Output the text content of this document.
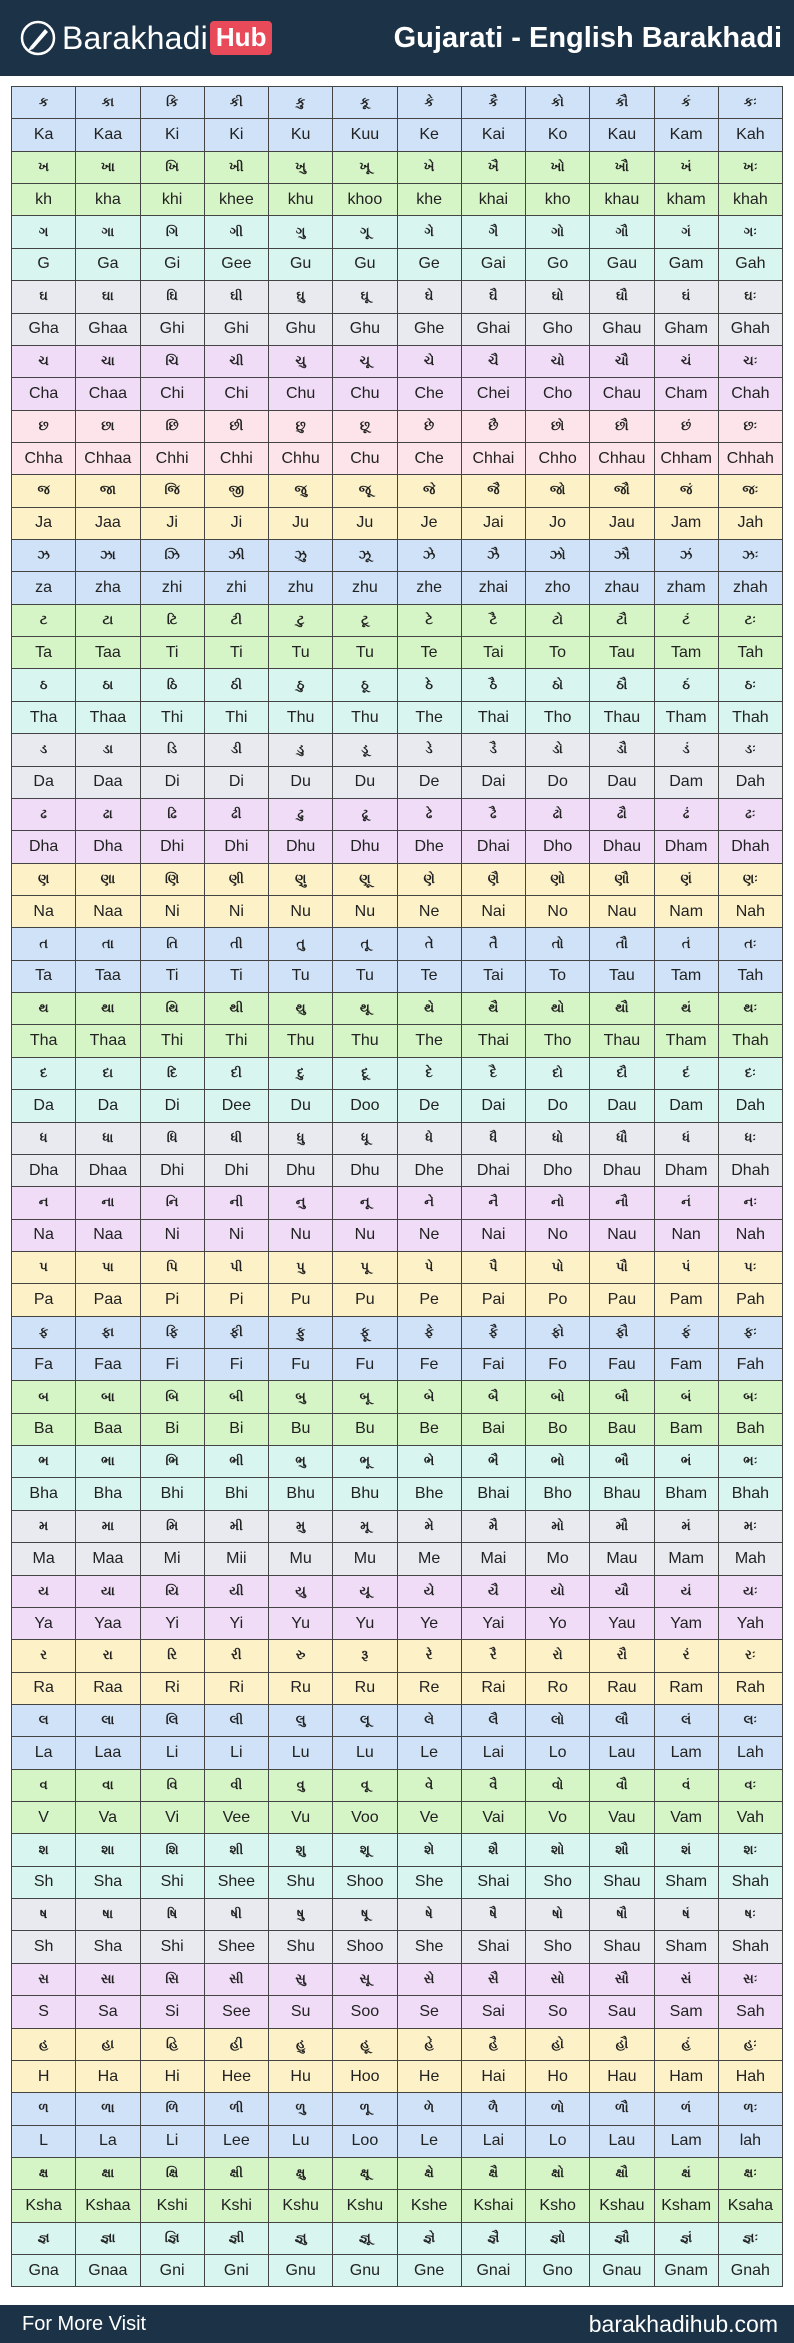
Barakhadi Hub	Gujarati - English Barakhadi
ક	કા	કિ	કી	કુ	કૂ	કે	કૈ	કો	કૌ	કં	કઃ
Ka	Kaa	Ki	Ki	Ku	Kuu	Ke	Kai	Ko	Kau	Kam	Kah
ખ	ખા	ખિ	ખી	ખુ	ખૂ	ખે	ખૈ	ખો	ખૌ	ખં	ખઃ
kh	kha	khi	khee	khu	khoo	khe	khai	kho	khau	kham	khah
ગ	ગા	ગિ	ગી	ગુ	ગૂ	ગે	ગૈ	ગો	ગૌ	ગં	ગઃ
G	Ga	Gi	Gee	Gu	Gu	Ge	Gai	Go	Gau	Gam	Gah
ઘ	ઘા	ઘિ	ઘી	ઘુ	ઘૂ	ઘે	ઘૈ	ઘો	ઘૌ	ઘં	ઘઃ
Gha	Ghaa	Ghi	Ghi	Ghu	Ghu	Ghe	Ghai	Gho	Ghau	Gham	Ghah
ચ	ચા	ચિ	ચી	ચુ	ચૂ	ચે	ચૈ	ચો	ચૌ	ચં	ચઃ
Cha	Chaa	Chi	Chi	Chu	Chu	Che	Chei	Cho	Chau	Cham	Chah
છ	છા	છિ	છી	છુ	છૂ	છે	છૈ	છો	છૌ	છં	છઃ
Chha	Chhaa	Chhi	Chhi	Chhu	Chu	Che	Chhai	Chho	Chhau	Chham	Chhah
જ	જા	જિ	જી	જુ	જૂ	જે	જૈ	જો	જૌ	જં	જઃ
Ja	Jaa	Ji	Ji	Ju	Ju	Je	Jai	Jo	Jau	Jam	Jah
ઝ	ઝા	ઝિ	ઝી	ઝુ	ઝૂ	ઝે	ઝૈ	ઝો	ઝૌ	ઝં	ઝઃ
za	zha	zhi	zhi	zhu	zhu	zhe	zhai	zho	zhau	zham	zhah
ટ	ટા	ટિ	ટી	ટુ	ટૂ	ટે	ટૈ	ટો	ટૌ	ટં	ટઃ
Ta	Taa	Ti	Ti	Tu	Tu	Te	Tai	To	Tau	Tam	Tah
ઠ	ઠા	ઠિ	ઠી	ઠુ	ઠૂ	ઠે	ઠૈ	ઠો	ઠૌ	ઠં	ઠઃ
Tha	Thaa	Thi	Thi	Thu	Thu	The	Thai	Tho	Thau	Tham	Thah
ડ	ડા	ડિ	ડી	ડુ	ડૂ	ડે	ડૈ	ડો	ડૌ	ડં	ડઃ
Da	Daa	Di	Di	Du	Du	De	Dai	Do	Dau	Dam	Dah
ઢ	ઢા	ઢિ	ઢી	ઢુ	ઢૂ	ઢે	ઢૈ	ઢો	ઢૌ	ઢં	ઢઃ
Dha	Dha	Dhi	Dhi	Dhu	Dhu	Dhe	Dhai	Dho	Dhau	Dham	Dhah
ણ	ણા	ણિ	ણી	ણુ	ણૂ	ણે	ણૈ	ણો	ણૌ	ણં	ણઃ
Na	Naa	Ni	Ni	Nu	Nu	Ne	Nai	No	Nau	Nam	Nah
ત	તા	તિ	તી	તુ	તૂ	તે	તૈ	તો	તૌ	તં	તઃ
Ta	Taa	Ti	Ti	Tu	Tu	Te	Tai	To	Tau	Tam	Tah
થ	થા	થિ	થી	થુ	થૂ	થે	થૈ	થો	થૌ	થં	થઃ
Tha	Thaa	Thi	Thi	Thu	Thu	The	Thai	Tho	Thau	Tham	Thah
દ	દા	દિ	દી	દુ	દૂ	દે	દૈ	દો	દૌ	દં	દઃ
Da	Da	Di	Dee	Du	Doo	De	Dai	Do	Dau	Dam	Dah
ધ	ધા	ધિ	ધી	ધુ	ધૂ	ધે	ધૈ	ધો	ધૌ	ધં	ધઃ
Dha	Dhaa	Dhi	Dhi	Dhu	Dhu	Dhe	Dhai	Dho	Dhau	Dham	Dhah
ન	ના	નિ	ની	નુ	નૂ	ને	નૈ	નો	નૌ	નં	નઃ
Na	Naa	Ni	Ni	Nu	Nu	Ne	Nai	No	Nau	Nan	Nah
પ	પા	પિ	પી	પુ	પૂ	પે	પૈ	પો	પૌ	પં	પઃ
Pa	Paa	Pi	Pi	Pu	Pu	Pe	Pai	Po	Pau	Pam	Pah
ફ	ફા	ફિ	ફી	ફુ	ફૂ	ફે	ફૈ	ફો	ફૌ	ફં	ફઃ
Fa	Faa	Fi	Fi	Fu	Fu	Fe	Fai	Fo	Fau	Fam	Fah
બ	બા	બિ	બી	બુ	બૂ	બે	બૈ	બો	બૌ	બં	બઃ
Ba	Baa	Bi	Bi	Bu	Bu	Be	Bai	Bo	Bau	Bam	Bah
ભ	ભા	ભિ	ભી	ભુ	ભૂ	ભે	ભૈ	ભો	ભૌ	ભં	ભઃ
Bha	Bha	Bhi	Bhi	Bhu	Bhu	Bhe	Bhai	Bho	Bhau	Bham	Bhah
મ	મા	મિ	મી	મુ	મૂ	મે	મૈ	મો	મૌ	મં	મઃ
Ma	Maa	Mi	Mii	Mu	Mu	Me	Mai	Mo	Mau	Mam	Mah
ય	યા	યિ	યી	યુ	યૂ	યે	યૈ	યો	યૌ	યં	યઃ
Ya	Yaa	Yi	Yi	Yu	Yu	Ye	Yai	Yo	Yau	Yam	Yah
ર	રા	રિ	રી	રુ	રૂ	રે	રૈ	રો	રૌ	રં	રઃ
Ra	Raa	Ri	Ri	Ru	Ru	Re	Rai	Ro	Rau	Ram	Rah
લ	લા	લિ	લી	લુ	લૂ	લે	લૈ	લો	લૌ	લં	લઃ
La	Laa	Li	Li	Lu	Lu	Le	Lai	Lo	Lau	Lam	Lah
વ	વા	વિ	વી	વુ	વૂ	વે	વૈ	વો	વૌ	વં	વઃ
V	Va	Vi	Vee	Vu	Voo	Ve	Vai	Vo	Vau	Vam	Vah
શ	શા	શિ	શી	શુ	શૂ	શે	શૈ	શો	શૌ	શં	શઃ
Sh	Sha	Shi	Shee	Shu	Shoo	She	Shai	Sho	Shau	Sham	Shah
ષ	ષા	ષિ	ષી	ષુ	ષૂ	ષે	ષૈ	ષો	ષૌ	ષં	ષઃ
Sh	Sha	Shi	Shee	Shu	Shoo	She	Shai	Sho	Shau	Sham	Shah
સ	સા	સિ	સી	સુ	સૂ	સે	સૈ	સો	સૌ	સં	સઃ
S	Sa	Si	See	Su	Soo	Se	Sai	So	Sau	Sam	Sah
હ	હા	હિ	હી	હુ	હૂ	હે	હૈ	હો	હૌ	હં	હઃ
H	Ha	Hi	Hee	Hu	Hoo	He	Hai	Ho	Hau	Ham	Hah
ળ	ળા	ળિ	ળી	ળુ	ળૂ	ળે	ળૈ	ળો	ળૌ	ળં	ળઃ
L	La	Li	Lee	Lu	Loo	Le	Lai	Lo	Lau	Lam	lah
ક્ષ	ક્ષા	ક્ષિ	ક્ષી	ક્ષુ	ક્ષૂ	ક્ષે	ક્ષૈ	ક્ષો	ક્ષૌ	ક્ષં	ક્ષઃ
Ksha	Kshaa	Kshi	Kshi	Kshu	Kshu	Kshe	Kshai	Ksho	Kshau	Ksham	Ksaha
જ્ઞ	જ્ઞા	જ્ઞિ	જ્ઞી	જ્ઞુ	જ્ઞૂ	જ્ઞે	જ્ઞૈ	જ્ઞો	જ્ઞૌ	જ્ઞં	જ્ઞઃ
Gna	Gnaa	Gni	Gni	Gnu	Gnu	Gne	Gnai	Gno	Gnau	Gnam	Gnah
For More Visit	barakhadihub.com
